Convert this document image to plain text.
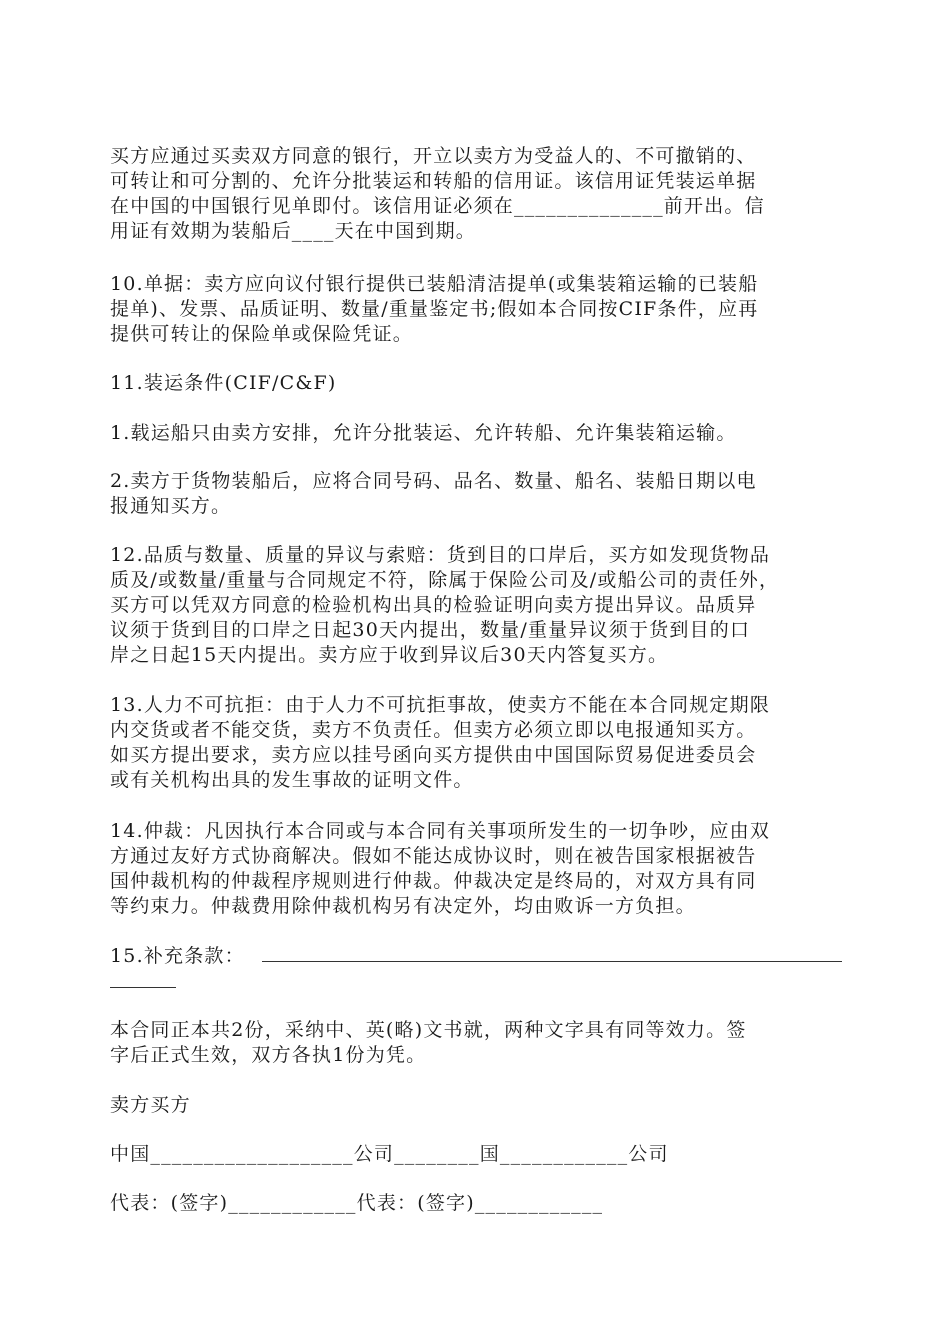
买方应通过买卖双方同意的银行，开立以卖方为受益人的、不可撤销的、
可转让和可分割的、允许分批装运和转船的信用证。该信用证凭装运单据
在中国的中国银行见单即付。该信用证必须在______________前开出。信
用证有效期为装船后____天在中国到期。
10.单据：卖方应向议付银行提供已装船清洁提单(或集装箱运输的已装船
提单)、发票、品质证明、数量/重量鉴定书;假如本合同按CIF条件，应再
提供可转让的保险单或保险凭证。
11.装运条件(CIF/C&F)
1.载运船只由卖方安排，允许分批装运、允许转船、允许集装箱运输。
2.卖方于货物装船后，应将合同号码、品名、数量、船名、装船日期以电
报通知买方。
12.品质与数量、质量的异议与索赔：货到目的口岸后，买方如发现货物品
质及/或数量/重量与合同规定不符，除属于保险公司及/或船公司的责任外，
买方可以凭双方同意的检验机构出具的检验证明向卖方提出异议。品质异
议须于货到目的口岸之日起30天内提出，数量/重量异议须于货到目的口
岸之日起15天内提出。卖方应于收到异议后30天内答复买方。
13.人力不可抗拒：由于人力不可抗拒事故，使卖方不能在本合同规定期限
内交货或者不能交货，卖方不负责任。但卖方必须立即以电报通知买方。
如买方提出要求，卖方应以挂号函向买方提供由中国国际贸易促进委员会
或有关机构出具的发生事故的证明文件。
14.仲裁：凡因执行本合同或与本合同有关事项所发生的一切争吵，应由双
方通过友好方式协商解决。假如不能达成协议时，则在被告国家根据被告
国仲裁机构的仲裁程序规则进行仲裁。仲裁决定是终局的，对双方具有同
等约束力。仲裁费用除仲裁机构另有决定外，均由败诉一方负担。
15.补充条款：
本合同正本共2份，采纳中、英(略)文书就，两种文字具有同等效力。签
字后正式生效，双方各执1份为凭。
卖方买方
中国___________________公司________国____________公司
代表：(签字)____________代表：(签字)____________
